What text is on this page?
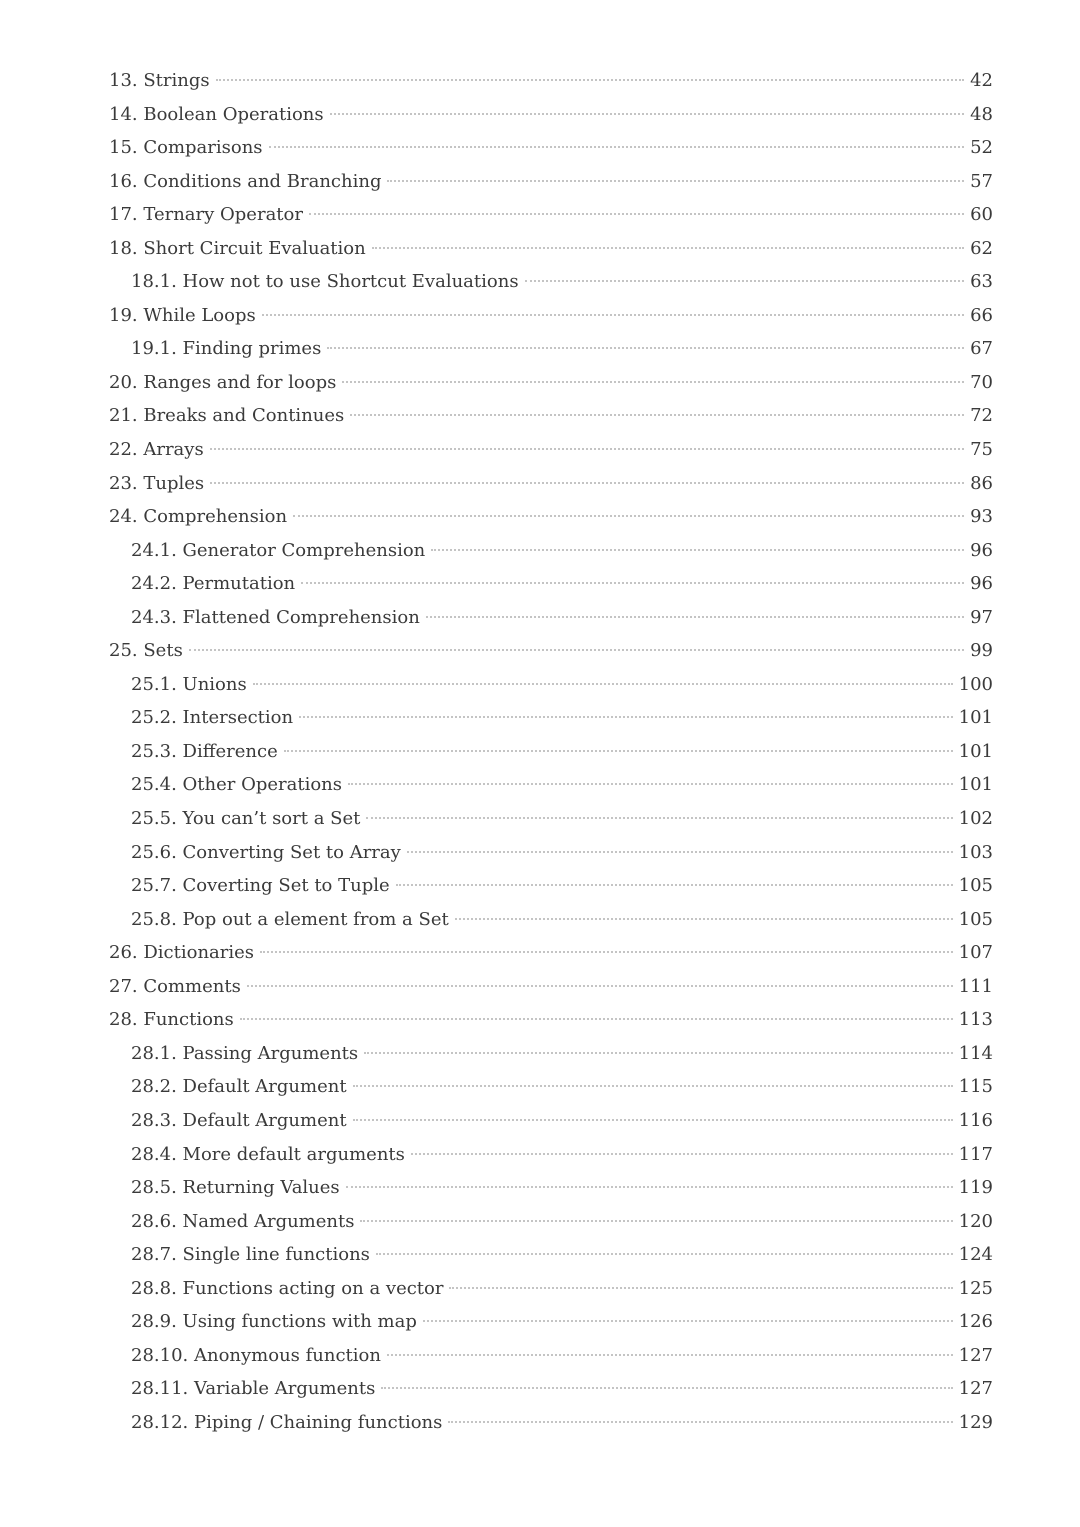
13. Strings	42
14. Boolean Operations	48
15. Comparisons	52
16. Conditions and Branching	57
17. Ternary Operator	60
18. Short Circuit Evaluation	62
18.1. How not to use Shortcut Evaluations	63
19. While Loops	66
19.1. Finding primes	67
20. Ranges and for loops	70
21. Breaks and Continues	72
22. Arrays	75
23. Tuples	86
24. Comprehension	93
24.1. Generator Comprehension	96
24.2. Permutation	96
24.3. Flattened Comprehension	97
25. Sets	99
25.1. Unions	100
25.2. Intersection	101
25.3. Difference	101
25.4. Other Operations	101
25.5. You can’t sort a Set	102
25.6. Converting Set to Array	103
25.7. Coverting Set to Tuple	105
25.8. Pop out a element from a Set	105
26. Dictionaries	107
27. Comments	111
28. Functions	113
28.1. Passing Arguments	114
28.2. Default Argument	115
28.3. Default Argument	116
28.4. More default arguments	117
28.5. Returning Values	119
28.6. Named Arguments	120
28.7. Single line functions	124
28.8. Functions acting on a vector	125
28.9. Using functions with map	126
28.10. Anonymous function	127
28.11. Variable Arguments	127
28.12. Piping / Chaining functions	129
